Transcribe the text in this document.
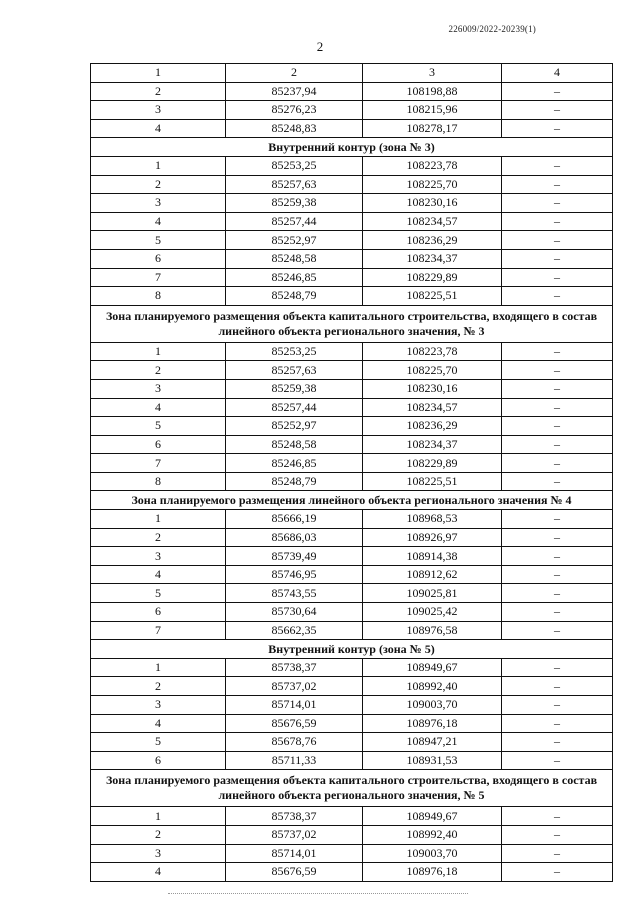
226009/2022-20239(1)
2
1	2	3	4
2	85237,94	108198,88	–
3	85276,23	108215,96	–
4	85248,83	108278,17	–
Внутренний контур (зона № 3)			
1	85253,25	108223,78	–
2	85257,63	108225,70	–
3	85259,38	108230,16	–
4	85257,44	108234,57	–
5	85252,97	108236,29	–
6	85248,58	108234,37	–
7	85246,85	108229,89	–
8	85248,79	108225,51	–
Зона планируемого размещения объекта капитального строительства, входящего в состав линейного объекта регионального значения, № 3			
1	85253,25	108223,78	–
2	85257,63	108225,70	–
3	85259,38	108230,16	–
4	85257,44	108234,57	–
5	85252,97	108236,29	–
6	85248,58	108234,37	–
7	85246,85	108229,89	–
8	85248,79	108225,51	–
Зона планируемого размещения линейного объекта регионального значения № 4			
1	85666,19	108968,53	–
2	85686,03	108926,97	–
3	85739,49	108914,38	–
4	85746,95	108912,62	–
5	85743,55	109025,81	–
6	85730,64	109025,42	–
7	85662,35	108976,58	–
Внутренний контур (зона № 5)			
1	85738,37	108949,67	–
2	85737,02	108992,40	–
3	85714,01	109003,70	–
4	85676,59	108976,18	–
5	85678,76	108947,21	–
6	85711,33	108931,53	–
Зона планируемого размещения объекта капитального строительства, входящего в состав линейного объекта регионального значения, № 5			
1	85738,37	108949,67	–
2	85737,02	108992,40	–
3	85714,01	109003,70	–
4	85676,59	108976,18	–
